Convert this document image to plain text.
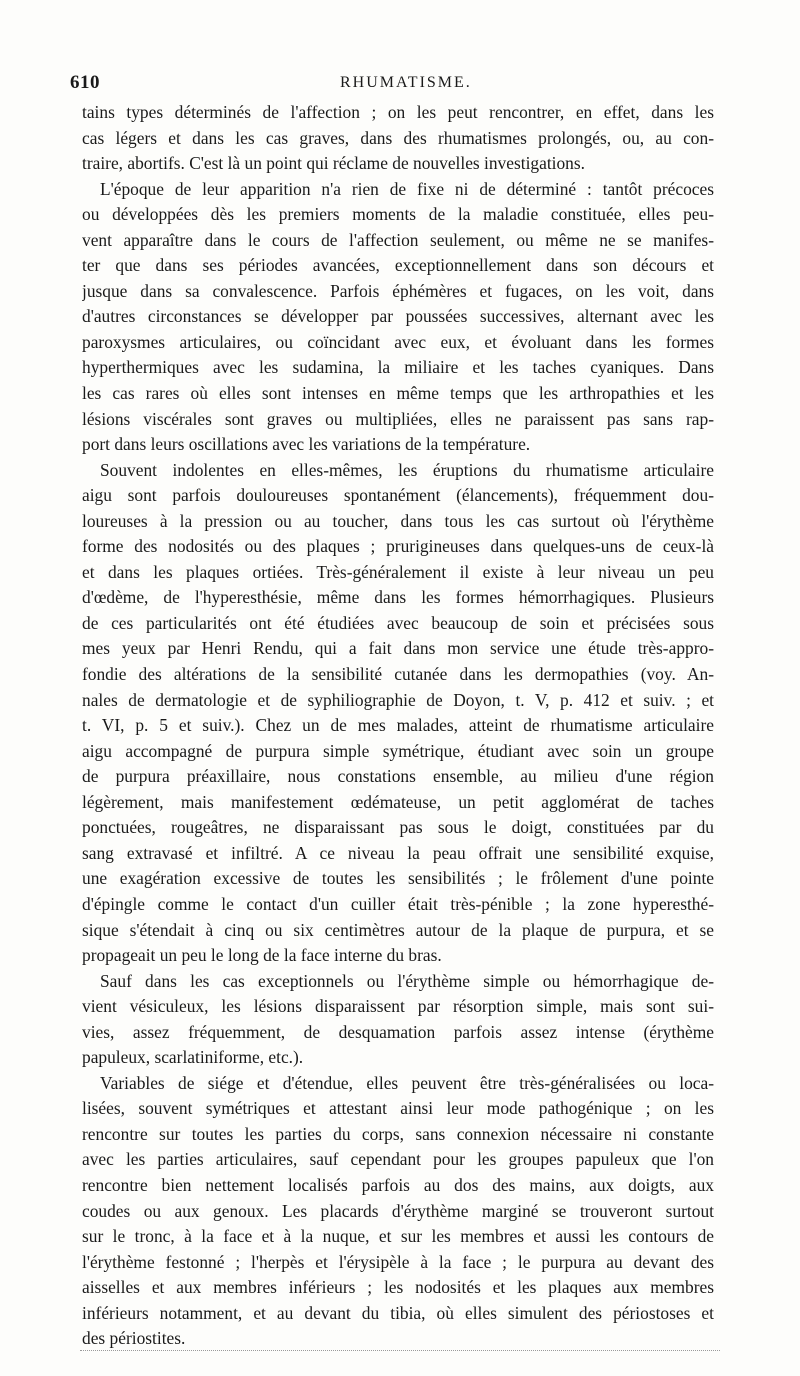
610	RHUMATISME.
tains types déterminés de l'affection ; on les peut rencontrer, en effet, dans les
cas légers et dans les cas graves, dans des rhumatismes prolongés, ou, au con-
traire, abortifs. C'est là un point qui réclame de nouvelles investigations.
L'époque de leur apparition n'a rien de fixe ni de déterminé : tantôt précoces
ou développées dès les premiers moments de la maladie constituée, elles peu-
vent apparaître dans le cours de l'affection seulement, ou même ne se manifes-
ter que dans ses périodes avancées, exceptionnellement dans son décours et
jusque dans sa convalescence. Parfois éphémères et fugaces, on les voit, dans
d'autres circonstances se développer par poussées successives, alternant avec les
paroxysmes articulaires, ou coïncidant avec eux, et évoluant dans les formes
hyperthermiques avec les sudamina, la miliaire et les taches cyaniques. Dans
les cas rares où elles sont intenses en même temps que les arthropathies et les
lésions viscérales sont graves ou multipliées, elles ne paraissent pas sans rap-
port dans leurs oscillations avec les variations de la température.
Souvent indolentes en elles-mêmes, les éruptions du rhumatisme articulaire
aigu sont parfois douloureuses spontanément (élancements), fréquemment dou-
loureuses à la pression ou au toucher, dans tous les cas surtout où l'érythème
forme des nodosités ou des plaques ; prurigineuses dans quelques-uns de ceux-là
et dans les plaques ortiées. Très-généralement il existe à leur niveau un peu
d'œdème, de l'hyperesthésie, même dans les formes hémorrhagiques. Plusieurs
de ces particularités ont été étudiées avec beaucoup de soin et précisées sous
mes yeux par Henri Rendu, qui a fait dans mon service une étude très-appro-
fondie des altérations de la sensibilité cutanée dans les dermopathies (voy. An-
nales de dermatologie et de syphiliographie de Doyon, t. V, p. 412 et suiv. ; et
t. VI, p. 5 et suiv.). Chez un de mes malades, atteint de rhumatisme articulaire
aigu accompagné de purpura simple symétrique, étudiant avec soin un groupe
de purpura préaxillaire, nous constations ensemble, au milieu d'une région
légèrement, mais manifestement œdémateuse, un petit agglomérat de taches
ponctuées, rougeâtres, ne disparaissant pas sous le doigt, constituées par du
sang extravasé et infiltré. A ce niveau la peau offrait une sensibilité exquise,
une exagération excessive de toutes les sensibilités ; le frôlement d'une pointe
d'épingle comme le contact d'un cuiller était très-pénible ; la zone hyperesthé-
sique s'étendait à cinq ou six centimètres autour de la plaque de purpura, et se
propageait un peu le long de la face interne du bras.
Sauf dans les cas exceptionnels ou l'érythème simple ou hémorrhagique de-
vient vésiculeux, les lésions disparaissent par résorption simple, mais sont sui-
vies, assez fréquemment, de desquamation parfois assez intense (érythème
papuleux, scarlatiniforme, etc.).
Variables de siége et d'étendue, elles peuvent être très-généralisées ou loca-
lisées, souvent symétriques et attestant ainsi leur mode pathogénique ; on les
rencontre sur toutes les parties du corps, sans connexion nécessaire ni constante
avec les parties articulaires, sauf cependant pour les groupes papuleux que l'on
rencontre bien nettement localisés parfois au dos des mains, aux doigts, aux
coudes ou aux genoux. Les placards d'érythème marginé se trouveront surtout
sur le tronc, à la face et à la nuque, et sur les membres et aussi les contours de
l'érythème festonné ; l'herpès et l'érysipèle à la face ; le purpura au devant des
aisselles et aux membres inférieurs ; les nodosités et les plaques aux membres
inférieurs notamment, et au devant du tibia, où elles simulent des périostoses et
des périostites.
